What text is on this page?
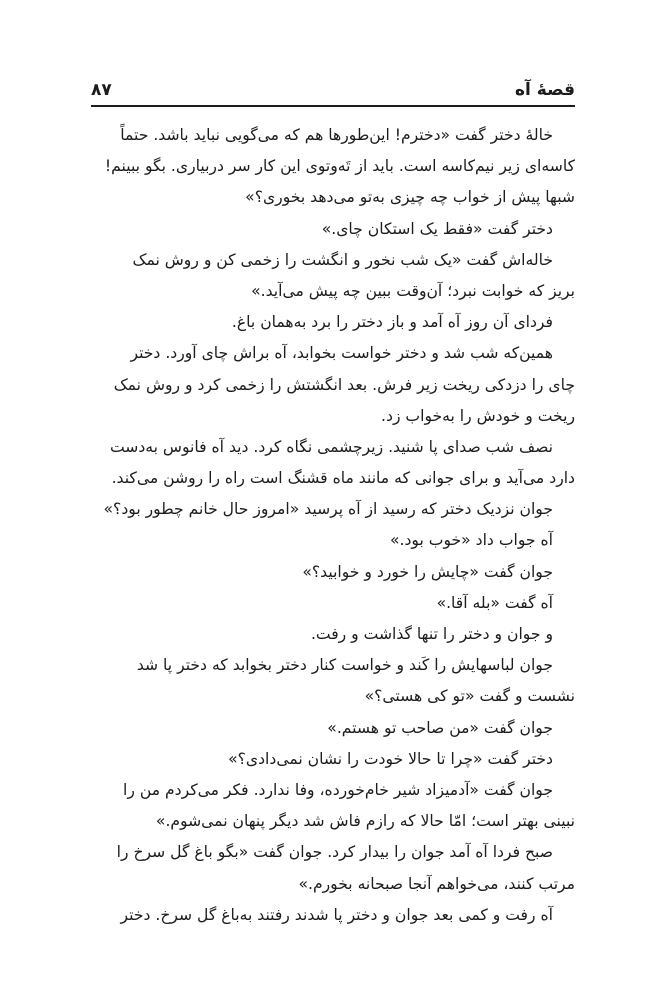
قصهٔ آه
۸۷
خالهٔ دختر گفت «دخترم! این‌طورها هم که می‌گویی نباید باشد. حتماً
کاسه‌ای زیر نیم‌کاسه است. باید از تَه‌وتوی این کار سر دربیاری. بگو ببینم!
شبها پیش از خواب چه چیزی به‌تو می‌دهد بخوری؟»
دختر گفت «فقط یک استکان چای.»
خاله‌اش گفت «یک شب نخور و انگشت را زخمی کن و روش نمک
بریز که خوابت نبرد؛ آن‌وقت ببین چه پیش می‌آید.»
فردای آن روز آه آمد و باز دختر را برد به‌همان باغ.
همین‌که شب شد و دختر خواست بخوابد، آه براش چای آورد. دختر
چای را دزدکی ریخت زیر فرش. بعد انگشتش را زخمی کرد و روش نمک
ریخت و خودش را به‌خواب زد.
نصف شب صدای پا شنید. زیرچشمی نگاه کرد. دید آه فانوس به‌دست
دارد می‌آید و برای جوانی که مانند ماه قشنگ است راه را روشن می‌کند.
جوان نزدیک دختر که رسید از آه پرسید «امروز حال خانم چطور بود؟»
آه جواب داد «خوب بود.»
جوان گفت «چایش را خورد و خوابید؟»
آه گفت «بله آقا.»
و جوان و دختر را تنها گذاشت و رفت.
جوان لباسهایش را کَند و خواست کنار دختر بخوابد که دختر پا شد
نشست و گفت «تو کی هستی؟»
جوان گفت «من صاحب تو هستم.»
دختر گفت «چرا تا حالا خودت را نشان نمی‌دادی؟»
جوان گفت «آدمیزاد شیر خام‌خورده، وفا ندارد. فکر می‌کردم من را
نبینی بهتر است؛ امّا حالا که رازم فاش شد دیگر پنهان نمی‌شوم.»
صبح فردا آه آمد جوان را بیدار کرد. جوان گفت «بگو باغ گل سرخ را
مرتب کنند، می‌خواهم آنجا صبحانه بخورم.»
آه رفت و کمی بعد جوان و دختر پا شدند رفتند به‌باغ گل سرخ. دختر
